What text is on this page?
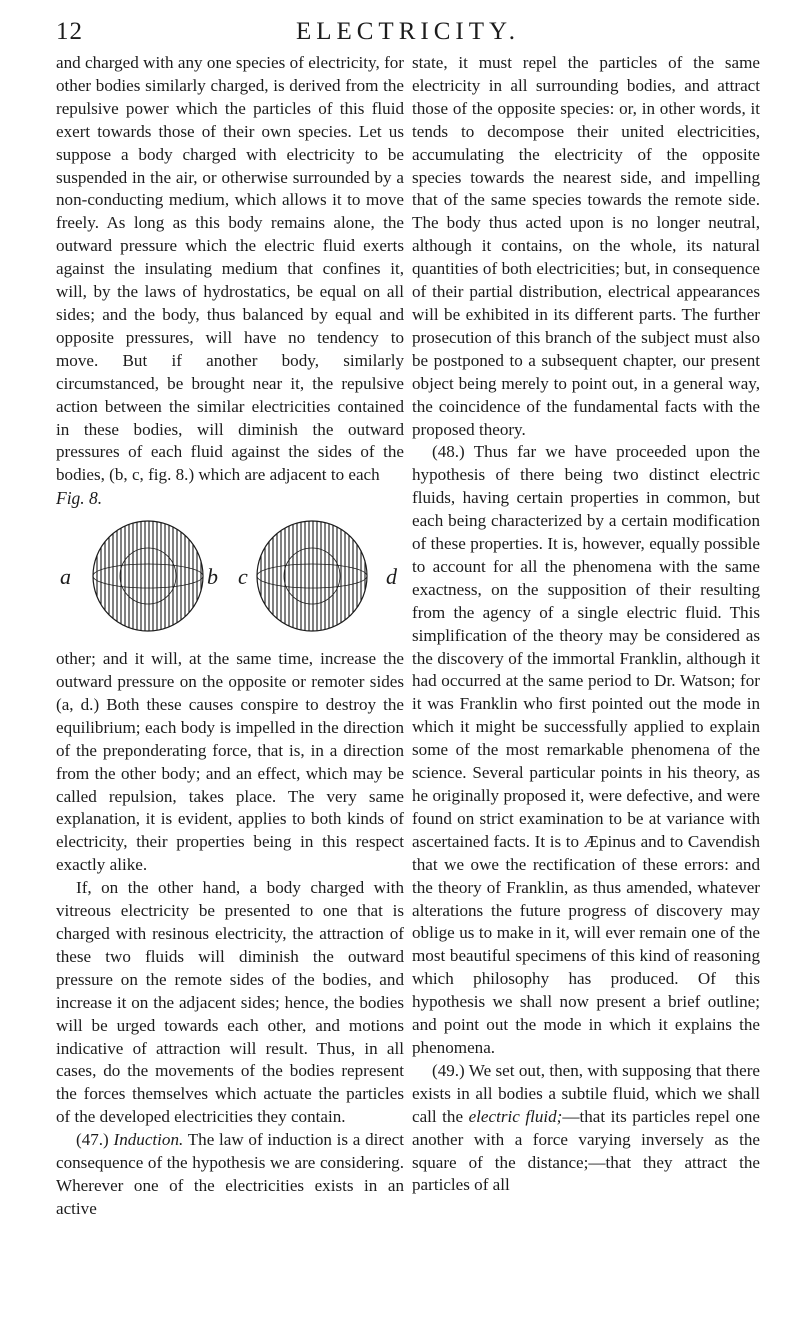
12	ELECTRICITY.

and charged with any one species of electricity, for other bodies similarly charged, is derived from the repulsive power which the particles of this fluid exert towards those of their own species. Let us suppose a body charged with electricity to be suspended in the air, or otherwise surrounded by a non-conducting medium, which allows it to move freely. As long as this body remains alone, the outward pressure which the electric fluid exerts against the insulating medium that confines it, will, by the laws of hydrostatics, be equal on all sides; and the body, thus balanced by equal and opposite pressures, will have no tendency to move. But if another body, similarly circumstanced, be brought near it, the repulsive action between the similar electricities contained in these bodies, will diminish the outward pressures of each fluid against the sides of the bodies, (b, c, fig. 8.) which are adjacent to each

Fig. 8.

a	b c	d

other; and it will, at the same time, increase the outward pressure on the opposite or remoter sides (a, d.) Both these causes conspire to destroy the equilibrium; each body is impelled in the direction of the preponderating force, that is, in a direction from the other body; and an effect, which may be called repulsion, takes place. The very same explanation, it is evident, applies to both kinds of electricity, their properties being in this respect exactly alike.

If, on the other hand, a body charged with vitreous electricity be presented to one that is charged with resinous electricity, the attraction of these two fluids will diminish the outward pressure on the remote sides of the bodies, and increase it on the adjacent sides; hence, the bodies will be urged towards each other, and motions indicative of attraction will result. Thus, in all cases, do the movements of the bodies represent the forces themselves which actuate the particles of the developed electricities they contain.

(47.) Induction. The law of induction is a direct consequence of the hypothesis we are considering. Wherever one of the electricities exists in an active

state, it must repel the particles of the same electricity in all surrounding bodies, and attract those of the opposite species: or, in other words, it tends to decompose their united electricities, accumulating the electricity of the opposite species towards the nearest side, and impelling that of the same species towards the remote side. The body thus acted upon is no longer neutral, although it contains, on the whole, its natural quantities of both electricities; but, in consequence of their partial distribution, electrical appearances will be exhibited in its different parts. The further prosecution of this branch of the subject must also be postponed to a subsequent chapter, our present object being merely to point out, in a general way, the coincidence of the fundamental facts with the proposed theory.

(48.) Thus far we have proceeded upon the hypothesis of there being two distinct electric fluids, having certain properties in common, but each being characterized by a certain modification of these properties. It is, however, equally possible to account for all the phenomena with the same exactness, on the supposition of their resulting from the agency of a single electric fluid. This simplification of the theory may be considered as the discovery of the immortal Franklin, although it had occurred at the same period to Dr. Watson; for it was Franklin who first pointed out the mode in which it might be successfully applied to explain some of the most remarkable phenomena of the science. Several particular points in his theory, as he originally proposed it, were defective, and were found on strict examination to be at variance with ascertained facts. It is to Æpinus and to Cavendish that we owe the rectification of these errors: and the theory of Franklin, as thus amended, whatever alterations the future progress of discovery may oblige us to make in it, will ever remain one of the most beautiful specimens of this kind of reasoning which philosophy has produced. Of this hypothesis we shall now present a brief outline; and point out the mode in which it explains the phenomena.

(49.) We set out, then, with supposing that there exists in all bodies a subtile fluid, which we shall call the electric fluid;—that its particles repel one another with a force varying inversely as the square of the distance;—that they attract the particles of all
